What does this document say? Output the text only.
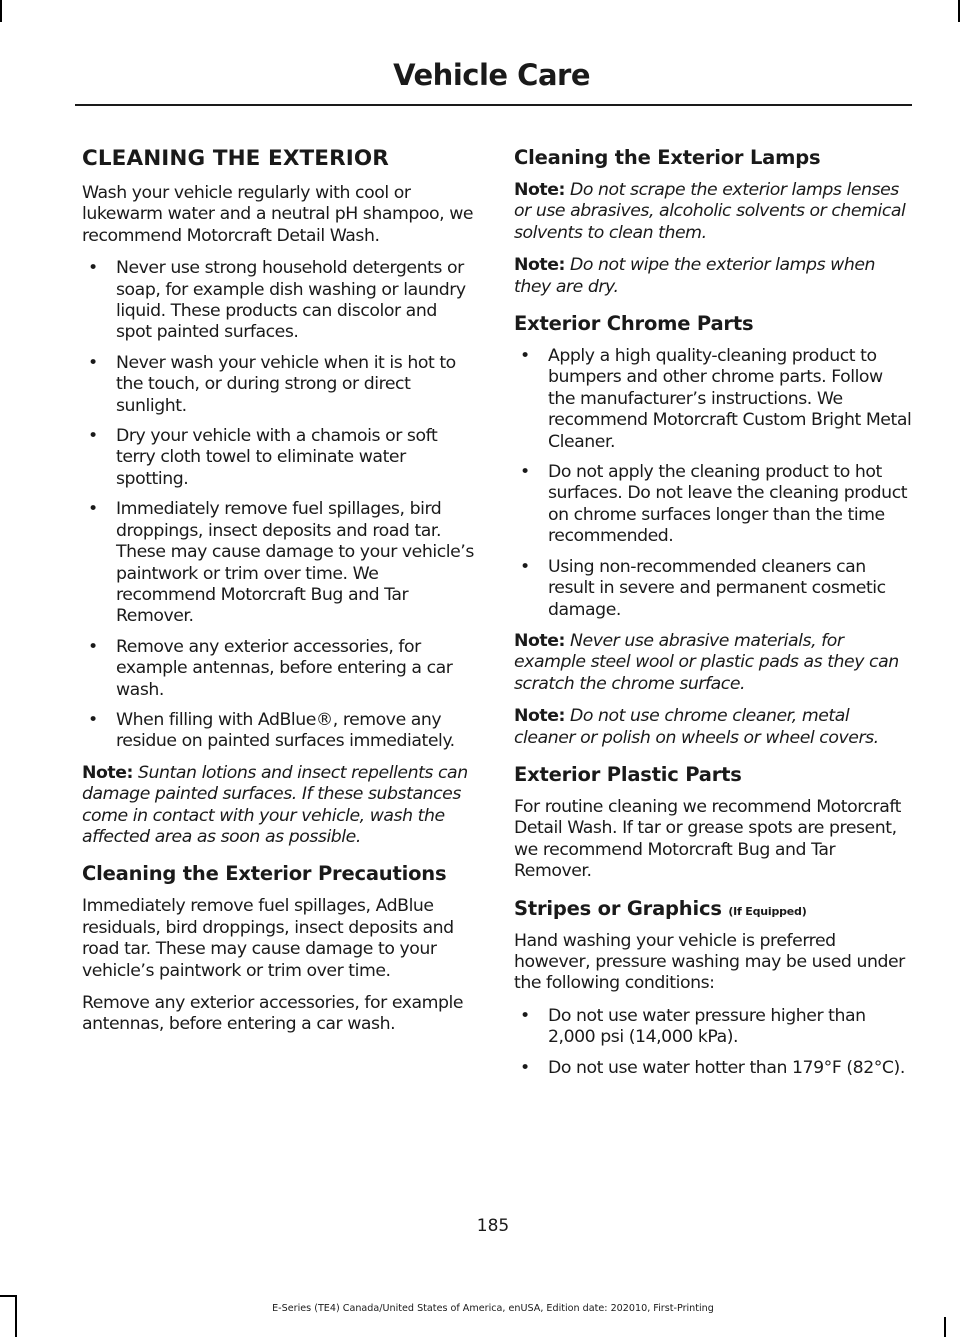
Vehicle Care
CLEANING THE EXTERIOR

Wash your vehicle regularly with cool or lukewarm water and a neutral pH shampoo, we recommend Motorcraft Detail Wash.

• Never use strong household detergents or soap, for example dish washing or laundry liquid. These products can discolor and spot painted surfaces.
• Never wash your vehicle when it is hot to the touch, or during strong or direct sunlight.
• Dry your vehicle with a chamois or soft terry cloth towel to eliminate water spotting.
• Immediately remove fuel spillages, bird droppings, insect deposits and road tar. These may cause damage to your vehicle’s paintwork or trim over time. We recommend Motorcraft Bug and Tar Remover.
• Remove any exterior accessories, for example antennas, before entering a car wash.
• When filling with AdBlue®, remove any residue on painted surfaces immediately.

Note: Suntan lotions and insect repellents can damage painted surfaces. If these substances come in contact with your vehicle, wash the affected area as soon as possible.

Cleaning the Exterior Precautions

Immediately remove fuel spillages, AdBlue residuals, bird droppings, insect deposits and road tar. These may cause damage to your vehicle’s paintwork or trim over time.

Remove any exterior accessories, for example antennas, before entering a car wash.

Cleaning the Exterior Lamps

Note: Do not scrape the exterior lamps lenses or use abrasives, alcoholic solvents or chemical solvents to clean them.

Note: Do not wipe the exterior lamps when they are dry.

Exterior Chrome Parts
• Apply a high quality-cleaning product to bumpers and other chrome parts. Follow the manufacturer’s instructions. We recommend Motorcraft Custom Bright Metal Cleaner.
• Do not apply the cleaning product to hot surfaces. Do not leave the cleaning product on chrome surfaces longer than the time recommended.
• Using non-recommended cleaners can result in severe and permanent cosmetic damage.

Note: Never use abrasive materials, for example steel wool or plastic pads as they can scratch the chrome surface.

Note: Do not use chrome cleaner, metal cleaner or polish on wheels or wheel covers.

Exterior Plastic Parts

For routine cleaning we recommend Motorcraft Detail Wash. If tar or grease spots are present, we recommend Motorcraft Bug and Tar Remover.

Stripes or Graphics (If Equipped)

Hand washing your vehicle is preferred however, pressure washing may be used under the following conditions:

• Do not use water pressure higher than 2,000 psi (14,000 kPa).
• Do not use water hotter than 179°F (82°C).
185
E-Series (TE4) Canada/United States of America, enUSA, Edition date: 202010, First-Printing
